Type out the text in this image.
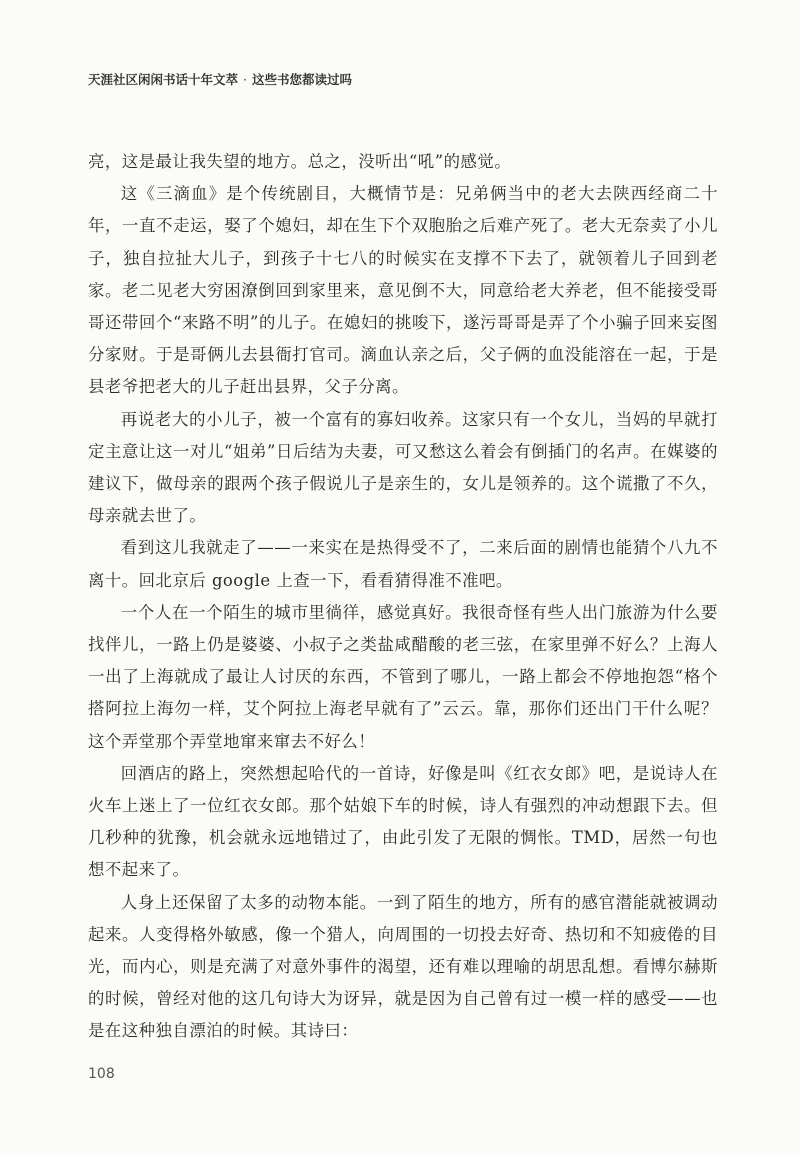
天涯社区闲闲书话十年文萃 · 这些书您都读过吗

亮，这是最让我失望的地方。总之，没听出“吼”的感觉。

这《三滴血》是个传统剧目，大概情节是：兄弟俩当中的老大去陕西经商二十年，一直不走运，娶了个媳妇，却在生下个双胞胎之后难产死了。老大无奈卖了小儿子，独自拉扯大儿子，到孩子十七八的时候实在支撑不下去了，就领着儿子回到老家。老二见老大穷困潦倒回到家里来，意见倒不大，同意给老大养老，但不能接受哥哥还带回个“来路不明”的儿子。在媳妇的挑唆下，遂污哥哥是弄了个小骗子回来妄图分家财。于是哥俩儿去县衙打官司。滴血认亲之后，父子俩的血没能溶在一起，于是县老爷把老大的儿子赶出县界，父子分离。

再说老大的小儿子，被一个富有的寡妇收养。这家只有一个女儿，当妈的早就打定主意让这一对儿“姐弟”日后结为夫妻，可又愁这么着会有倒插门的名声。在媒婆的建议下，做母亲的跟两个孩子假说儿子是亲生的，女儿是领养的。这个谎撒了不久，母亲就去世了。

看到这儿我就走了——一来实在是热得受不了，二来后面的剧情也能猜个八九不离十。回北京后 google 上查一下，看看猜得准不准吧。

一个人在一个陌生的城市里徜徉，感觉真好。我很奇怪有些人出门旅游为什么要找伴儿，一路上仍是婆婆、小叔子之类盐咸醋酸的老三弦，在家里弹不好么？上海人一出了上海就成了最让人讨厌的东西，不管到了哪儿，一路上都会不停地抱怨“格个搭阿拉上海勿一样，艾个阿拉上海老早就有了”云云。靠，那你们还出门干什么呢？这个弄堂那个弄堂地窜来窜去不好么！

回酒店的路上，突然想起哈代的一首诗，好像是叫《红衣女郎》吧，是说诗人在火车上迷上了一位红衣女郎。那个姑娘下车的时候，诗人有强烈的冲动想跟下去。但几秒种的犹豫，机会就永远地错过了，由此引发了无限的惆怅。TMD，居然一句也想不起来了。

人身上还保留了太多的动物本能。一到了陌生的地方，所有的感官潜能就被调动起来。人变得格外敏感，像一个猎人，向周围的一切投去好奇、热切和不知疲倦的目光，而内心，则是充满了对意外事件的渴望，还有难以理喻的胡思乱想。看博尔赫斯的时候，曾经对他的这几句诗大为讶异，就是因为自己曾有过一模一样的感受——也是在这种独自漂泊的时候。其诗曰：

108
